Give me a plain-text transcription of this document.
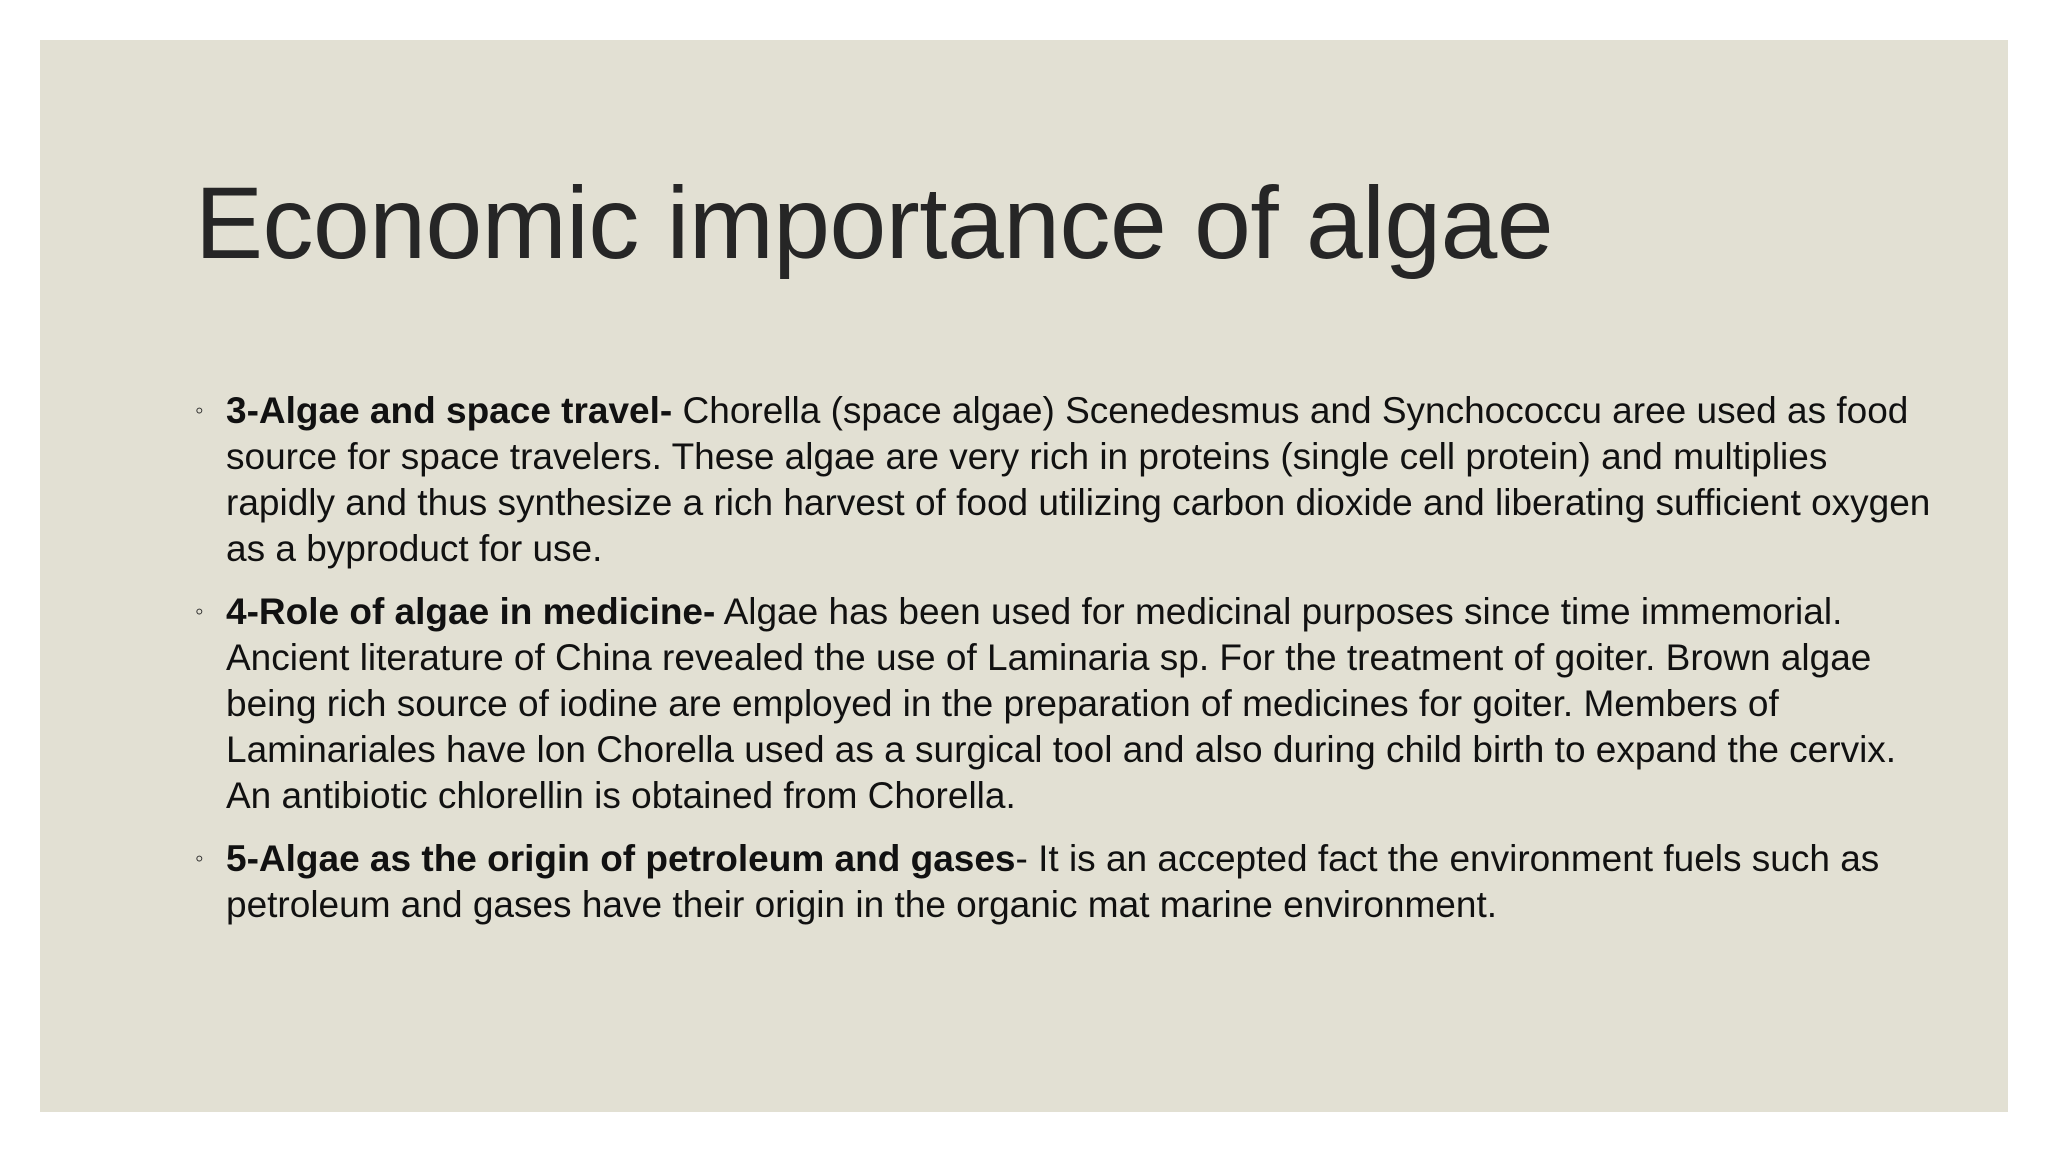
Economic importance of algae
◦ 3-Algae and space travel- Chorella (space algae) Scenedesmus and Synchococcu aree used as food source for space travelers. These algae are very rich in proteins (single cell protein) and multiplies rapidly and thus synthesize a rich harvest of food utilizing carbon dioxide and liberating sufficient oxygen as a byproduct for use.
◦ 4-Role of algae in medicine- Algae has been used for medicinal purposes since time immemorial. Ancient literature of China revealed the use of Laminaria sp. For the treatment of goiter. Brown algae being rich source of iodine are employed in the preparation of medicines for goiter. Members of Laminariales have lon Chorella used as a surgical tool and also during child birth to expand the cervix. An antibiotic chlorellin is obtained from Chorella.
◦ 5-Algae as the origin of petroleum and gases- It is an accepted fact the environment fuels such as petroleum and gases have their origin in the organic mat marine environment.
